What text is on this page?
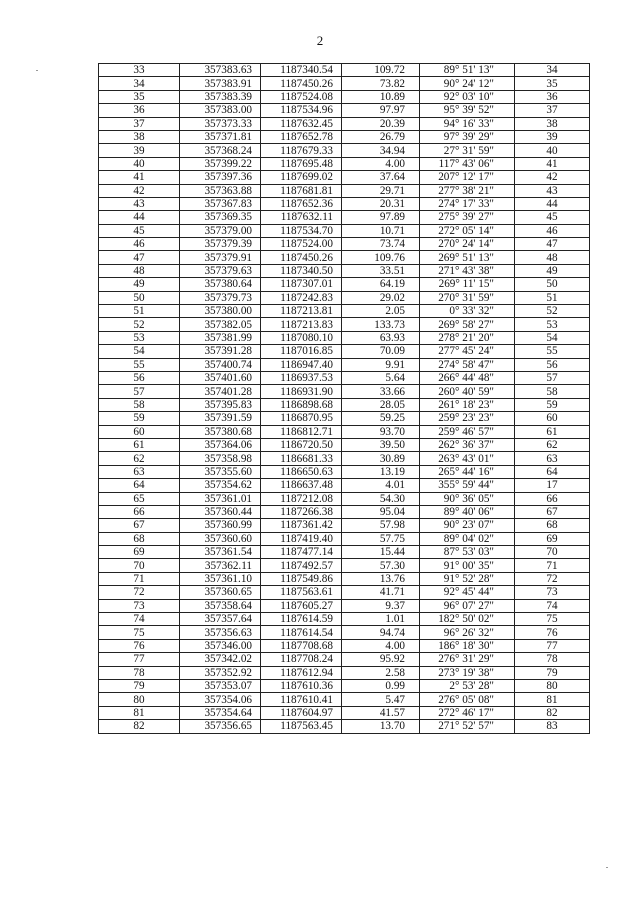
2
33	357383.63	1187340.54	109.72	89° 51' 13"	34
34	357383.91	1187450.26	73.82	90° 24' 12"	35
35	357383.39	1187524.08	10.89	92° 03' 10"	36
36	357383.00	1187534.96	97.97	95° 39' 52"	37
37	357373.33	1187632.45	20.39	94° 16' 33"	38
38	357371.81	1187652.78	26.79	97° 39' 29"	39
39	357368.24	1187679.33	34.94	27° 31' 59"	40
40	357399.22	1187695.48	4.00	117° 43' 06"	41
41	357397.36	1187699.02	37.64	207° 12' 17"	42
42	357363.88	1187681.81	29.71	277° 38' 21"	43
43	357367.83	1187652.36	20.31	274° 17' 33"	44
44	357369.35	1187632.11	97.89	275° 39' 27"	45
45	357379.00	1187534.70	10.71	272° 05' 14"	46
46	357379.39	1187524.00	73.74	270° 24' 14"	47
47	357379.91	1187450.26	109.76	269° 51' 13"	48
48	357379.63	1187340.50	33.51	271° 43' 38"	49
49	357380.64	1187307.01	64.19	269° 11' 15"	50
50	357379.73	1187242.83	29.02	270° 31' 59"	51
51	357380.00	1187213.81	2.05	0° 33' 32"	52
52	357382.05	1187213.83	133.73	269° 58' 27"	53
53	357381.99	1187080.10	63.93	278° 21' 20"	54
54	357391.28	1187016.85	70.09	277° 45' 24"	55
55	357400.74	1186947.40	9.91	274° 58' 47"	56
56	357401.60	1186937.53	5.64	266° 44' 48"	57
57	357401.28	1186931.90	33.66	260° 40' 59"	58
58	357395.83	1186898.68	28.05	261° 18' 23"	59
59	357391.59	1186870.95	59.25	259° 23' 23"	60
60	357380.68	1186812.71	93.70	259° 46' 57"	61
61	357364.06	1186720.50	39.50	262° 36' 37"	62
62	357358.98	1186681.33	30.89	263° 43' 01"	63
63	357355.60	1186650.63	13.19	265° 44' 16"	64
64	357354.62	1186637.48	4.01	355° 59' 44"	17
65	357361.01	1187212.08	54.30	90° 36' 05"	66
66	357360.44	1187266.38	95.04	89° 40' 06"	67
67	357360.99	1187361.42	57.98	90° 23' 07"	68
68	357360.60	1187419.40	57.75	89° 04' 02"	69
69	357361.54	1187477.14	15.44	87° 53' 03"	70
70	357362.11	1187492.57	57.30	91° 00' 35"	71
71	357361.10	1187549.86	13.76	91° 52' 28"	72
72	357360.65	1187563.61	41.71	92° 45' 44"	73
73	357358.64	1187605.27	9.37	96° 07' 27"	74
74	357357.64	1187614.59	1.01	182° 50' 02"	75
75	357356.63	1187614.54	94.74	96° 26' 32"	76
76	357346.00	1187708.68	4.00	186° 18' 30"	77
77	357342.02	1187708.24	95.92	276° 31' 29"	78
78	357352.92	1187612.94	2.58	273° 19' 38"	79
79	357353.07	1187610.36	0.99	2° 53' 28"	80
80	357354.06	1187610.41	5.47	276° 05' 08"	81
81	357354.64	1187604.97	41.57	272° 46' 17"	82
82	357356.65	1187563.45	13.70	271° 52' 57"	83
